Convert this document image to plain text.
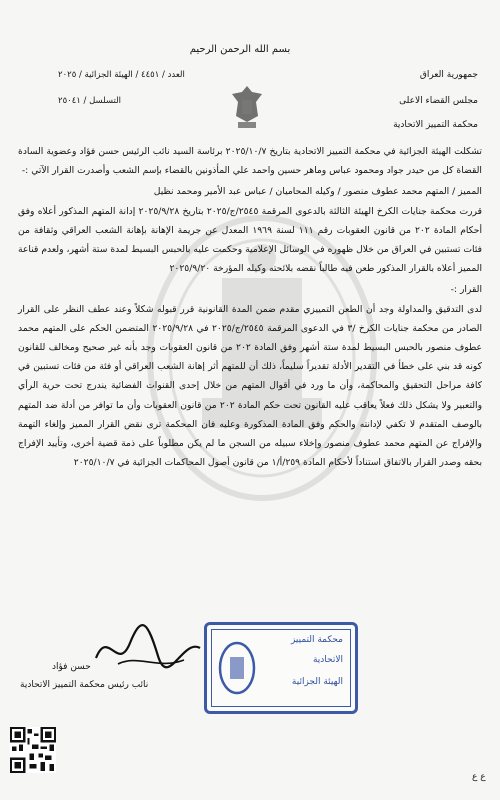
بسم الله الرحمن الرحيم
جمهورية العراق
مجلس القضاء الاعلى
محكمة التمييز الاتحادية
العدد / ٤٤٥١ / الهيئة الجزائية / ٢٠٢٥
التسلسل / ٢٥٠٤١

تشكلت الهيئة الجزائية في محكمة التمييز الاتحادية بتاريخ ٢٠٢٥/١٠/٧ برئاسة السيد نائب الرئيس حسن فؤاد وعضوية السادة القضاة كل من حيدر جواد ومحمود عباس وماهر حسين واحمد علي المأذونين بالقضاء بإسم الشعب وأصدرت القرار الآتي :-

المميز / المتهم محمد عطوف منصور / وكيله المحاميان / عباس عبد الأمير ومحمد نظيل

قررت محكمة جنايات الكرخ الهيئة الثالثة بالدعوى المرقمة ٢٥٤٥/ج/٢٠٢٥ بتاريخ ٢٠٢٥/٩/٢٨ إدانة المتهم المذكور أعلاه وفق أحكام المادة ٢٠٢ من قانون العقوبات رقم ١١١ لسنة ١٩٦٩ المعدل عن جريمة الإهانة بإهانة الشعب العراقي وثقافة من فئات تستبين في العراق من خلال ظهوره في الوسائل الإعلامية وحكمت عليه بالحبس البسيط لمدة ستة أشهر، ولعدم قناعة المميز أعلاه بالقرار المذكور طعن فيه طالباً نقضه بلائحته وكيله المؤرخة ٢٠٢٥/٩/٢٠

القرار :-

لدى التدقيق والمداولة وجد أن الطعن التمييزي مقدم ضمن المدة القانونية قرر قبوله شكلاً وعند عطف النظر على القرار الصادر من محكمة جنايات الكرخ /٣ في الدعوى المرقمة ٢٥٤٥/ج/٢٠٢٥ في ٢٠٢٥/٩/٢٨ المتضمن الحكم على المتهم محمد عطوف منصور بالحبس البسيط لمدة ستة أشهر وفق المادة ٢٠٢ من قانون العقوبات وجد بأنه غير صحيح ومخالف للقانون كونه قد بني على خطأ في التقدير الأدلة تقديراً سليماً، ذلك أن للمتهم أثر إهانة الشعب العراقي أو فئة من فئات تستبين في كافة مراحل التحقيق والمحاكمة، وأن ما ورد في أقوال المتهم من خلال إحدى القنوات الفضائية يندرج تحت حرية الرأي والتعبير ولا يشكل ذلك فعلاً يعاقب عليه القانون تحت حكم المادة ٢٠٢ من قانون العقوبات وأن ما توافر من أدلة ضد المتهم بالوصف المتقدم لا تكفي لإدانته والحكم وفق المادة المذكورة وعليه فان المحكمة ترى نقض القرار المميز وإلغاء التهمة والإفراج عن المتهم محمد عطوف منصور وإخلاء سبيله من السجن ما لم يكن مطلوباً على ذمة قضية أخرى، وتأييد الإفراج بحقه وصدر القرار بالاتفاق استناداً لأحكام المادة ٢٥٩/أ/١ من قانون أصول المحاكمات الجزائية في ٢٠٢٥/١٠/٧

حسن فؤاد
نائب رئيس محكمة التمييز الاتحادية
محكمة التمييز
الاتحادية
الهيئة الجزائية
ع ع
